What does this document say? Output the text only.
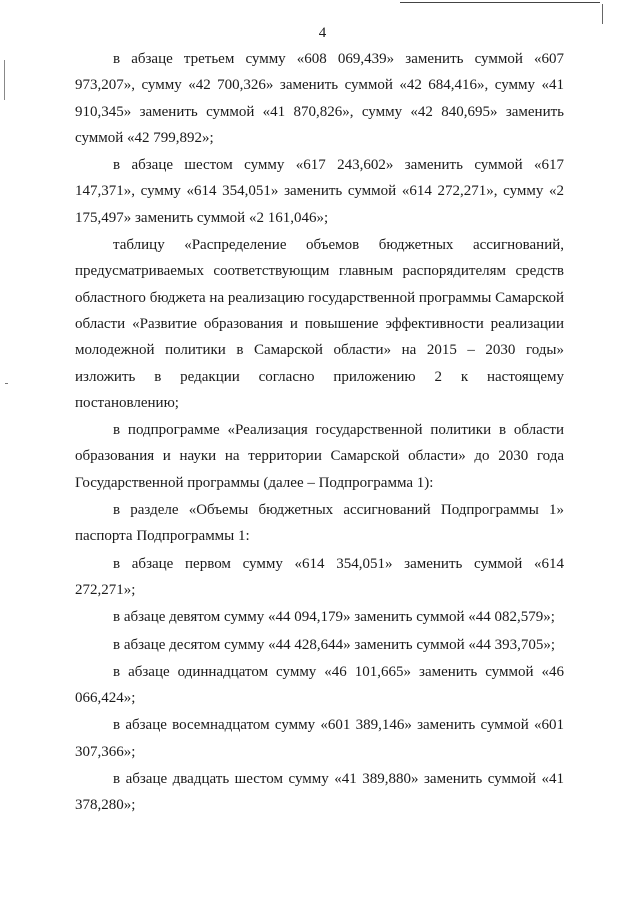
4

в абзаце третьем сумму «608 069,439» заменить суммой «607 973,207», сумму «42 700,326» заменить суммой «42 684,416», сумму «41 910,345» заменить суммой «41 870,826», сумму «42 840,695» заменить суммой «42 799,892»;

в абзаце шестом сумму «617 243,602» заменить суммой «617 147,371», сумму «614 354,051» заменить суммой «614 272,271», сумму «2 175,497» заменить суммой «2 161,046»;

таблицу «Распределение объемов бюджетных ассигнований, предусматриваемых соответствующим главным распорядителям средств областного бюджета на реализацию государственной программы Самарской области «Развитие образования и повышение эффективности реализации молодежной политики в Самарской области» на 2015 – 2030 годы» изложить в редакции согласно приложению 2 к настоящему постановлению;

в подпрограмме «Реализация государственной политики в области образования и науки на территории Самарской области» до 2030 года Государственной программы (далее – Подпрограмма 1):

в разделе «Объемы бюджетных ассигнований Подпрограммы 1» паспорта Подпрограммы 1:

в абзаце первом сумму «614 354,051» заменить суммой «614 272,271»;

в абзаце девятом сумму «44 094,179» заменить суммой «44 082,579»;

в абзаце десятом сумму «44 428,644» заменить суммой «44 393,705»;

в абзаце одиннадцатом сумму «46 101,665» заменить суммой «46 066,424»;

в абзаце восемнадцатом сумму «601 389,146» заменить суммой «601 307,366»;

в абзаце двадцать шестом сумму «41 389,880» заменить суммой «41 378,280»;
